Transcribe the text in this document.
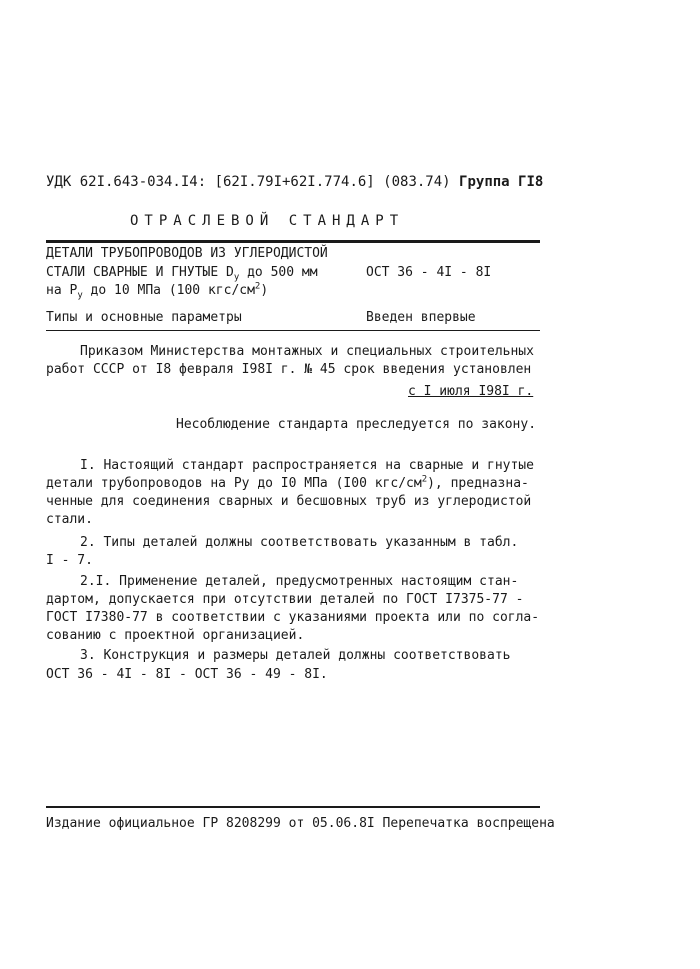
УДК 62I.643-034.I4: [62I.79I+62I.774.6] (083.74) Группа ГI8
ОТРАСЛЕВОЙ СТАНДАРТ
ДЕТАЛИ ТРУБОПРОВОДОВ ИЗ УГЛЕРОДИСТОЙ
СТАЛИ СВАРНЫЕ И ГНУТЫЕ $D_у$ до 500 мм	ОСТ 36 - 4I - 8I
на $P_у$ до 10 МПа (100 кгс/$см^2$)
Типы и основные параметры	Введен впервые
Приказом Министерства монтажных и специальных строительных
работ СССР от I8 февраля I98I г. № 45 срок введения установлен
с I июля I98I г.
Несоблюдение стандарта преследуется по закону.
I. Настоящий стандарт распространяется на сварные и гнутые
детали трубопроводов на Ру до I0 МПа (I00 кгс/$см^2$), предназна-
ченные для соединения сварных и бесшовных труб из углеродистой
стали.
2. Типы деталей должны соответствовать указанным в табл.
I - 7.
2.I. Применение деталей, предусмотренных настоящим стан-
дартом, допускается при отсутствии деталей по ГОСТ I7375-77 -
ГОСТ I7380-77 в соответствии с указаниями проекта или по согла-
сованию с проектной организацией.
3. Конструкция и размеры деталей должны соответствовать
ОСТ 36 - 4I - 8I - ОСТ 36 - 49 - 8I.
Издание официальное ГР 8208299 от 05.06.8I Перепечатка воспрещена
